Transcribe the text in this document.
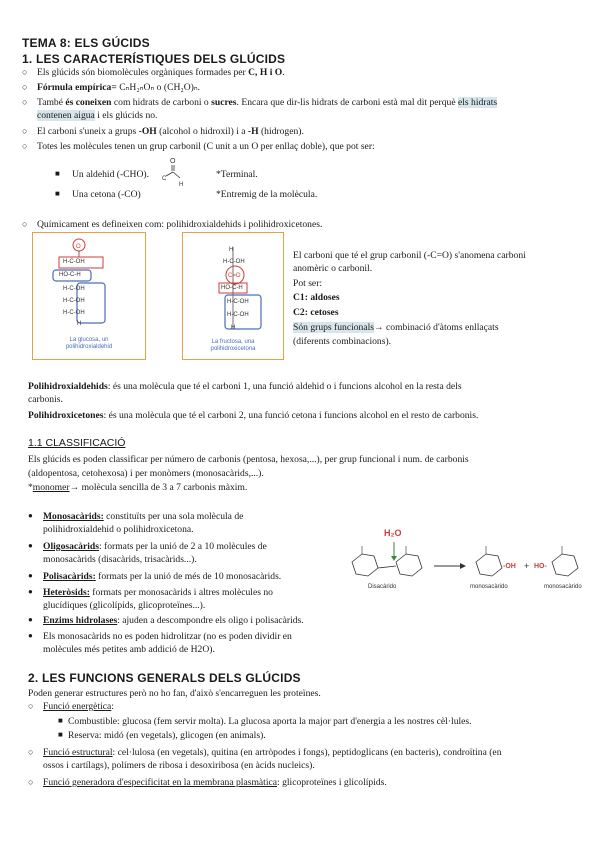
TEMA 8: ELS GÚCIDS
1. LES CARACTERÍSTIQUES DELS GLÚCIDS
○ Els glúcids són biomolècules orgàniques formades per C, H i O.
○ Fórmula empírica= CₙH₂ₙOₙ o (CH₂O)ₙ.
○ També és coneixen com hidrats de carboni o sucres. Encara que dir-lis hidrats de carboni està mal dit perquè els hidrats
contenen aigua i els glúcids no.
○ El carboni s'uneix a grups -OH (alcohol o hidroxil) i a -H (hidrogen).
○ Totes les molècules tenen un grup carbonil (C unit a un O per enllaç doble), que pot ser:
■ Un aldehid (-CHO).
O
C
H
*Terminal.
■ Una cetona (-CO)	*Entremig de la molècula.
○ Químicament es defineixen com: polihidroxialdehids i polihidroxicetones.
O
H-C-OH
HO-C-H
H-C-OH
H-C-OH
H-C-OH
H
La glucosa, un polihidroxialdehid
H
H-C-OH
C=O
HO-C-H
H-C-OH
H-C-OH
H
La fructosa, una polihidroxicetona
El carboni que té el grup carbonil (-C=O) s'anomena carboni
anomèric o carbonil.
Pot ser:
C1: aldoses
C2: cetoses
Són grups funcionals→ combinació d'àtoms enllaçats
(diferents combinacions).
Polihidroxialdehids: és una molècula que té el carboni 1, una funció aldehid o i funcions alcohol en la resta dels
carbonis.
Polihidroxicetones: és una molècula que té el carboni 2, una funció cetona i funcions alcohol en el resto de carbonis.
1.1 CLASSIFICACIÓ
Els glúcids es poden classificar per número de carbonis (pentosa, hexosa,...), per grup funcional i num. de carbonis
(aldopentosa, cetohexosa) i per monòmers (monosacàrids,...).
*monomer→ molècula sencilla de 3 a 7 carbonis màxim.
● Monosacàrids: constituïts per una sola molècula de
polihidroxialdehid o polihidroxicetona.
● Oligosacàrids: formats per la unió de 2 a 10 molècules de
monosacàrids (disacàrids, trisacàrids...).
● Polisacàrids: formats per la unió de més de 10 monosacàrids.
● Heteròsids: formats per monosacàrids i altres molècules no
glucídiques (glicolípids, glicoproteïnes...).
● Enzims hidrolases: ajuden a descompondre els oligo i polisacàrids.
● Els monosacàrids no es poden hidrolitzar (no es poden dividir en
molècules més petites amb addició de H2O).
H₂O
Disacàrido
-OH + HO-
monosacàrido	monosacàrido
2. LES FUNCIONS GENERALS DELS GLÚCIDS
Poden generar estructures però no ho fan, d'això s'encarreguen les proteïnes.
○ Funció energètica:
■ Combustible: glucosa (fem servir molta). La glucosa aporta la major part d'energia a les nostres cèl·lules.
■ Reserva: midó (en vegetals), glicogen (en animals).
○ Funció estructural: cel·lulosa (en vegetals), quitina (en artròpodes i fongs), peptidoglicans (en bacteris), condroïtina (en
ossos i cartílags), polímers de ribosa i desoxiribosa (en àcids nucleics).
○ Funció generadora d'especificitat en la membrana plasmàtica: glicoproteïnes i glicolípids.
